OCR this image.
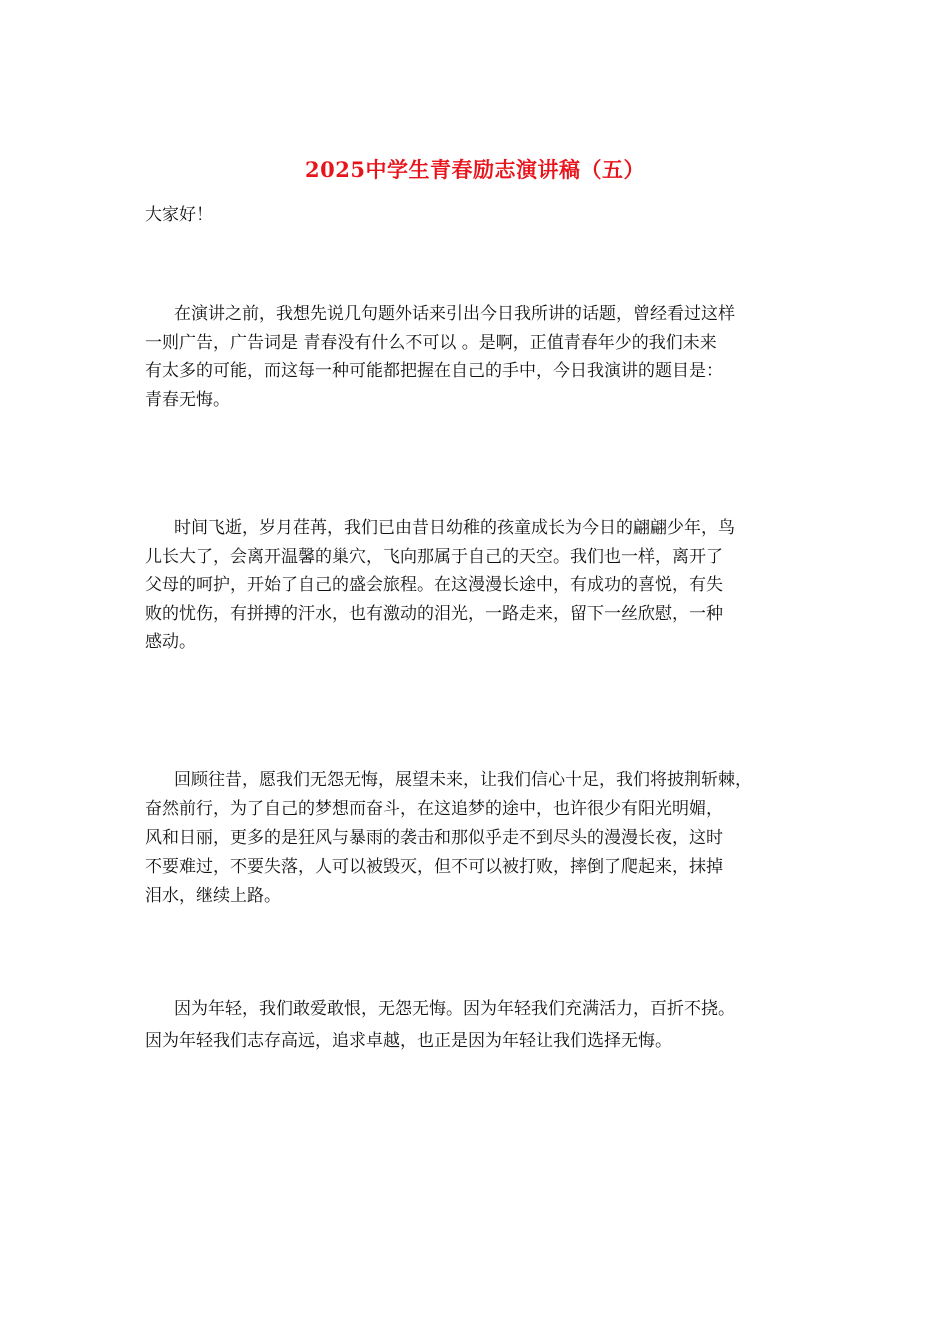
2025中学生青春励志演讲稿（五）

大家好！

在演讲之前，我想先说几句题外话来引出今日我所讲的话题，曾经看过这样
一则广告，广告词是 青春没有什么不可以 。是啊，正值青春年少的我们未来
有太多的可能，而这每一种可能都把握在自己的手中，今日我演讲的题目是：
青春无悔。

时间飞逝，岁月荏苒，我们已由昔日幼稚的孩童成长为今日的翩翩少年，鸟
儿长大了，会离开温馨的巢穴，飞向那属于自己的天空。我们也一样，离开了
父母的呵护，开始了自己的盛会旅程。在这漫漫长途中，有成功的喜悦，有失
败的忧伤，有拼搏的汗水，也有激动的泪光，一路走来，留下一丝欣慰，一种
感动。

回顾往昔，愿我们无怨无悔，展望未来，让我们信心十足，我们将披荆斩棘，
奋然前行，为了自己的梦想而奋斗，在这追梦的途中，也许很少有阳光明媚，
风和日丽，更多的是狂风与暴雨的袭击和那似乎走不到尽头的漫漫长夜，这时
不要难过，不要失落，人可以被毁灭，但不可以被打败，摔倒了爬起来，抹掉
泪水，继续上路。

因为年轻，我们敢爱敢恨，无怨无悔。因为年轻我们充满活力，百折不挠。
因为年轻我们志存高远，追求卓越，也正是因为年轻让我们选择无悔。
